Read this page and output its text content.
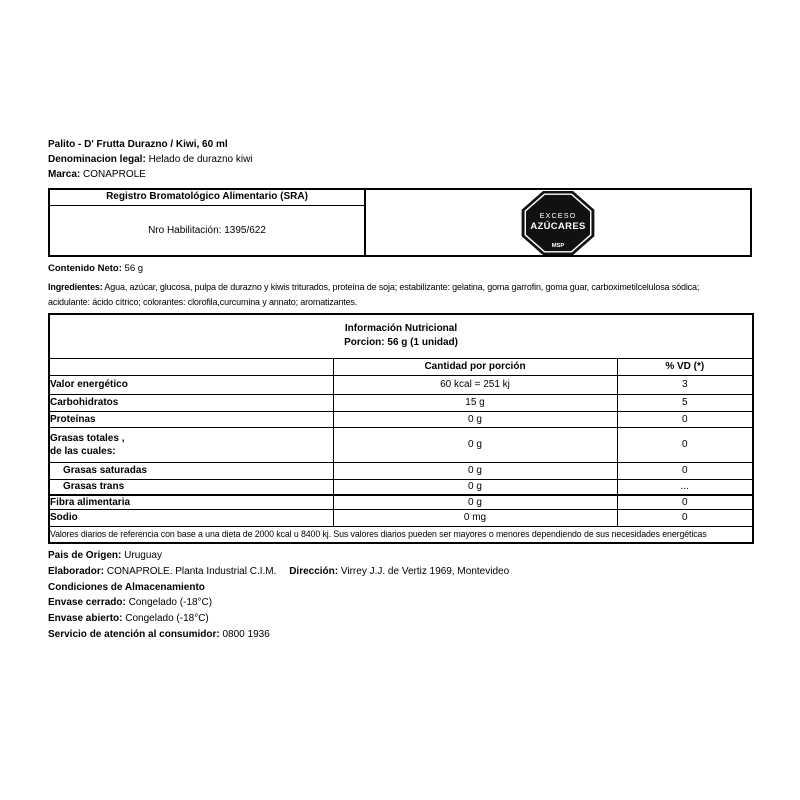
Palito - D' Frutta Durazno / Kiwi, 60 ml
Denominacion legal: Helado de durazno kiwi
Marca: CONAPROLE
Registro Bromatológico Alimentario (SRA)
Nro Habilitación: 1395/622
EXCESO
AZÚCARES
MSP
Contenido Neto: 56 g
Ingredientes: Agua, azúcar, glucosa, pulpa de durazno y kiwis triturados, proteína de soja; estabilizante: gelatina, goma garrofin, goma guar, carboximetilcelulosa sódica;
acidulante: ácido cítrico; colorantes: clorofila,curcumina y annato; aromatizantes.
Información Nutricional
Porcion: 56 g (1 unidad)		

	Cantidad por porción	% VD (*)
Valor energético	60 kcal = 251 kj	3
Carbohidratos	15 g	5
Proteínas	0 g	0

Grasas totales ,
de las cuales:	0 g	0
Grasas saturadas	0 g	0
Grasas trans	0 g	...
Fibra alimentaria	0 g	0
Sodio	0 mg	0
Valores diarios de referencia con base a una dieta de 2000 kcal u 8400 kj. Sus valores diarios pueden ser mayores o menores dependiendo de sus necesidades energéticas		
Pais de Origen: Uruguay
Elaborador: CONAPROLE. Planta Industrial C.I.M. Dirección: Virrey J.J. de Vertiz 1969, Montevideo
Condiciones de Almacenamiento
Envase cerrado: Congelado (-18°C)
Envase abierto: Congelado (-18°C)
Servicio de atención al consumidor: 0800 1936
